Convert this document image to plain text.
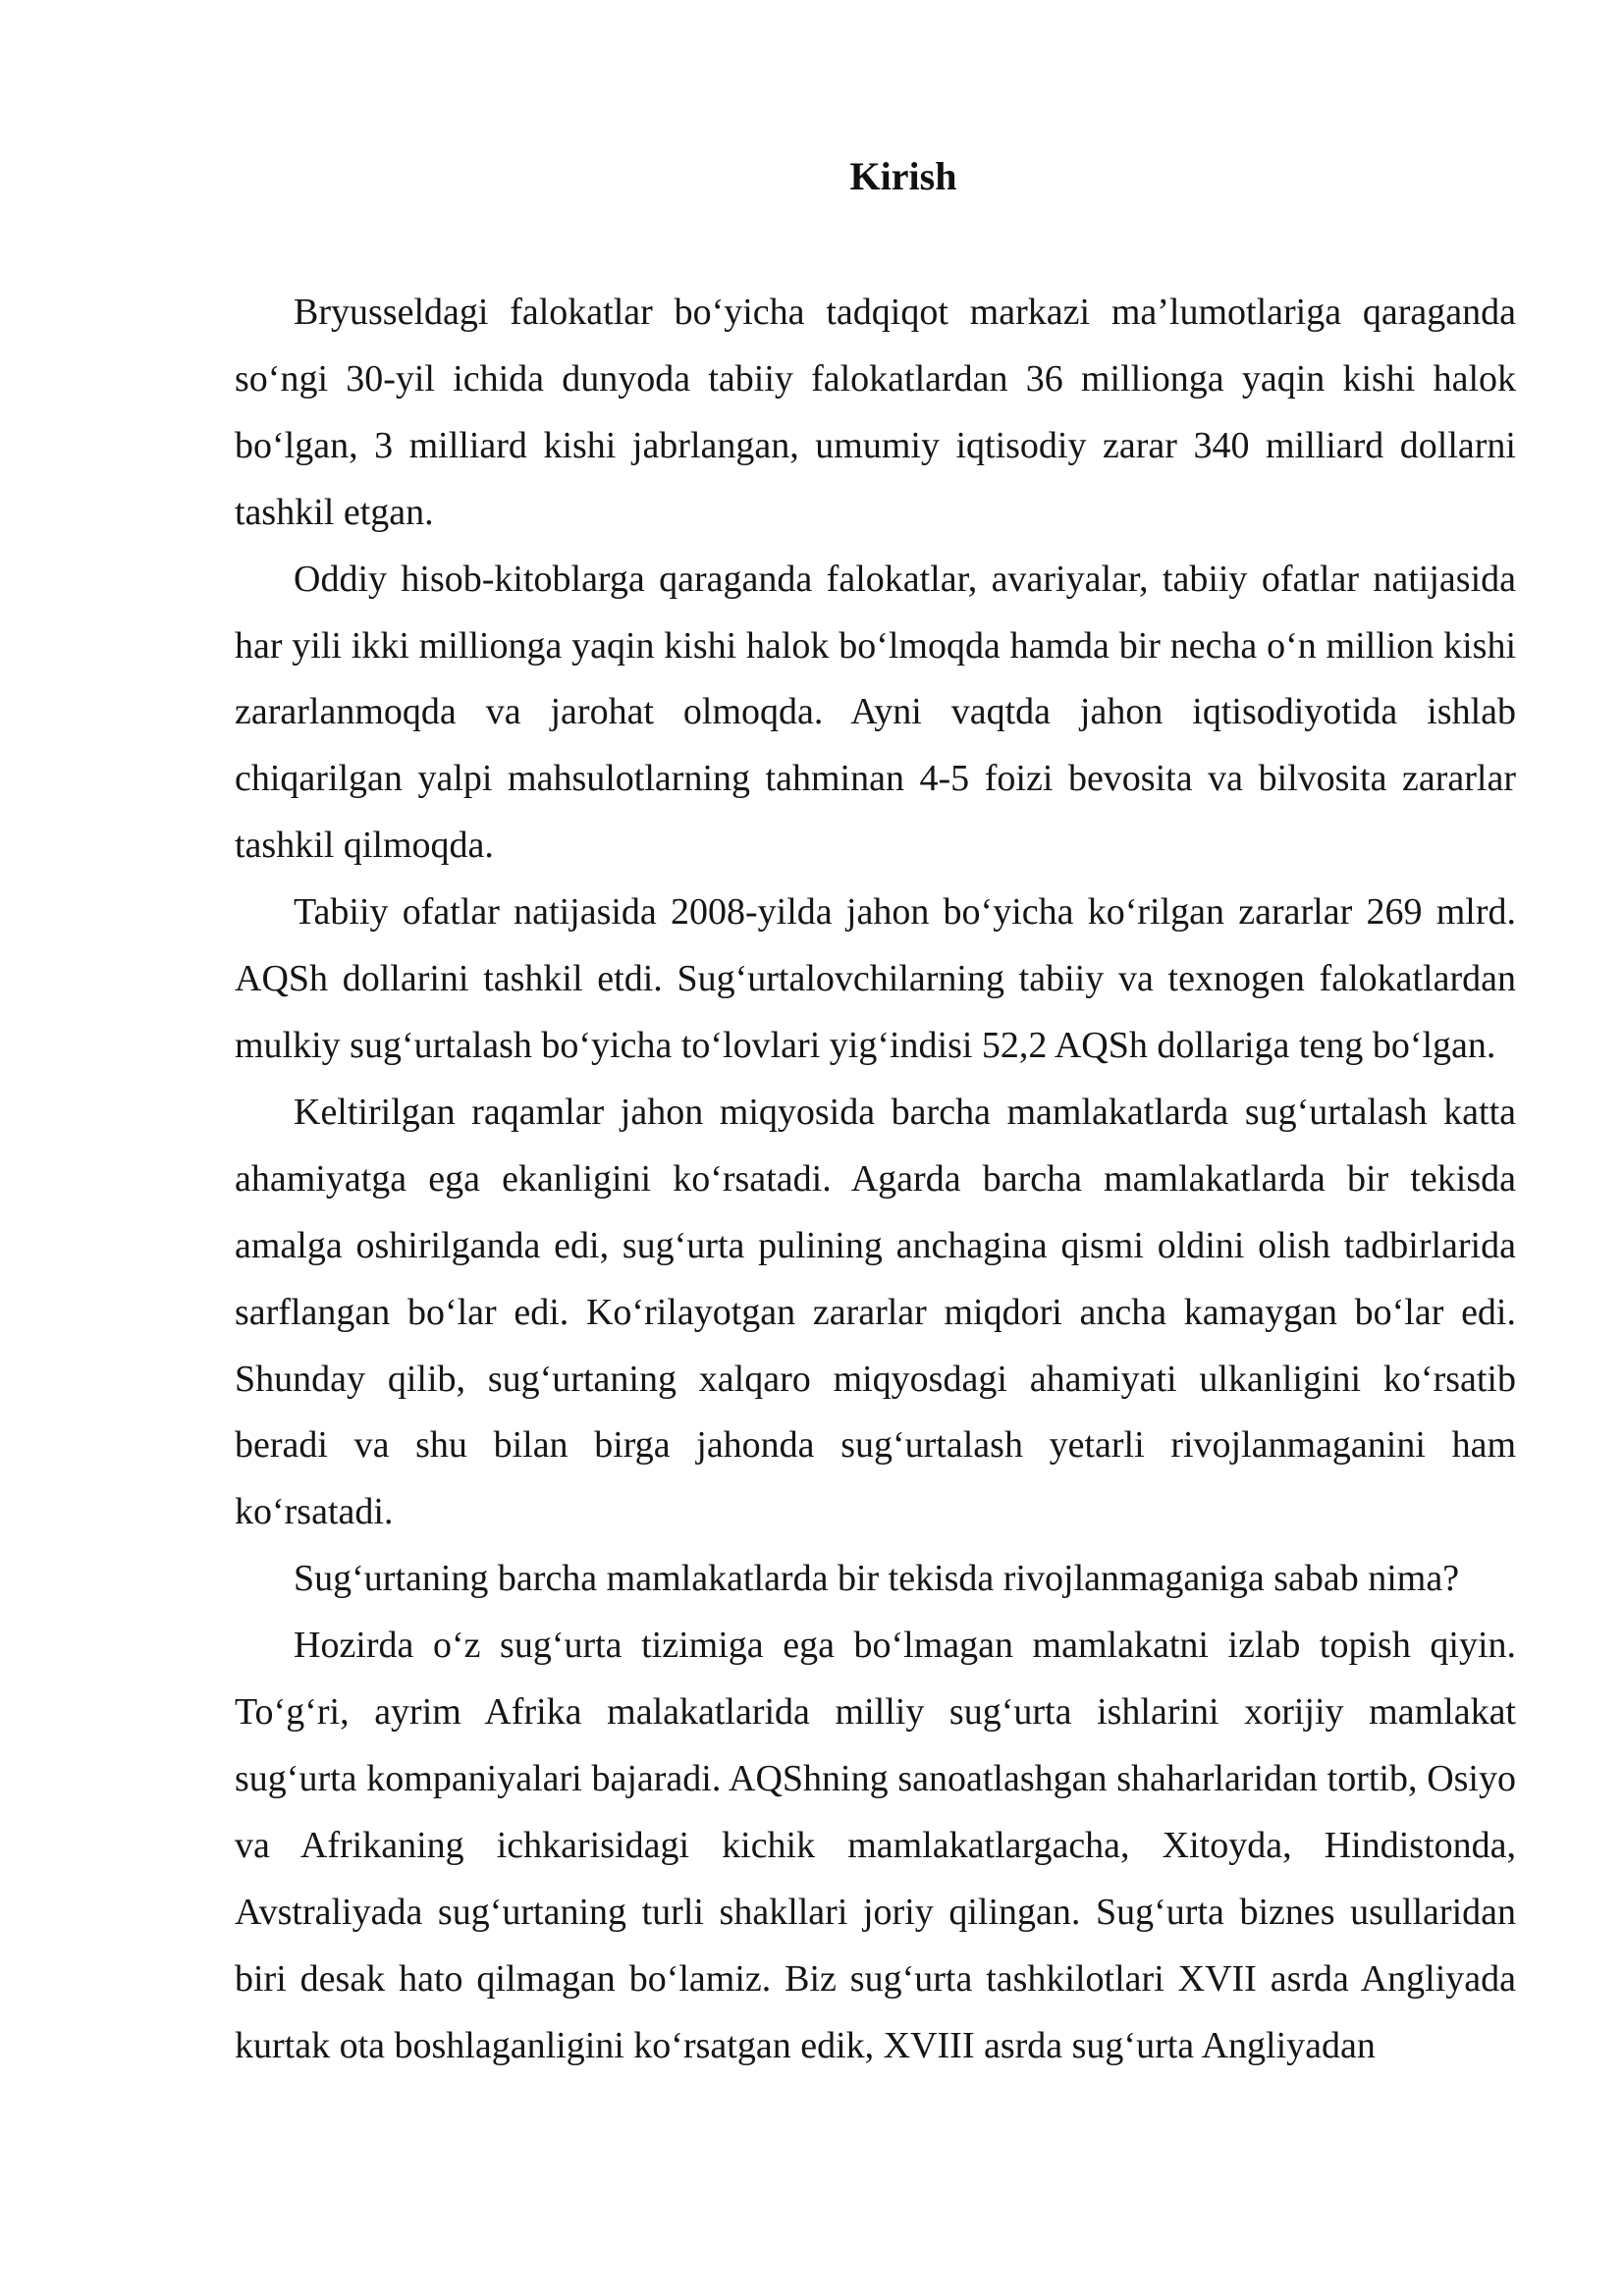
Kirish

Bryusseldagi falokatlar bo‘yicha tadqiqot markazi ma’lumotlariga qaraganda so‘ngi 30-yil ichida dunyoda tabiiy falokatlardan 36 millionga yaqin kishi halok bo‘lgan, 3 milliard kishi jabrlangan, umumiy iqtisodiy zarar 340 milliard dollarni tashkil etgan.

Oddiy hisob-kitoblarga qaraganda falokatlar, avariyalar, tabiiy ofatlar natijasida har yili ikki millionga yaqin kishi halok bo‘lmoqda hamda bir necha o‘n million kishi zararlanmoqda va jarohat olmoqda. Ayni vaqtda jahon iqtisodiyotida ishlab chiqarilgan yalpi mahsulotlarning tahminan 4-5 foizi bevosita va bilvosita zararlar tashkil qilmoqda.

Tabiiy ofatlar natijasida 2008-yilda jahon bo‘yicha ko‘rilgan zararlar 269 mlrd. AQSh dollarini tashkil etdi. Sug‘urtalovchilarning tabiiy va texnogen falokatlardan mulkiy sug‘urtalash bo‘yicha to‘lovlari yig‘indisi 52,2 AQSh dollariga teng bo‘lgan.

Keltirilgan raqamlar jahon miqyosida barcha mamlakatlarda sug‘urtalash katta ahamiyatga ega ekanligini ko‘rsatadi. Agarda barcha mamlakatlarda bir tekisda amalga oshirilganda edi, sug‘urta pulining anchagina qismi oldini olish tadbirlarida sarflangan bo‘lar edi. Ko‘rilayotgan zararlar miqdori ancha kamaygan bo‘lar edi. Shunday qilib, sug‘urtaning xalqaro miqyosdagi ahamiyati ulkanligini ko‘rsatib beradi va shu bilan birga jahonda sug‘urtalash yetarli rivojlanmaganini ham ko‘rsatadi.

Sug‘urtaning barcha mamlakatlarda bir tekisda rivojlanmaganiga sabab nima?

Hozirda o‘z sug‘urta tizimiga ega bo‘lmagan mamlakatni izlab topish qiyin. To‘g‘ri, ayrim Afrika malakatlarida milliy sug‘urta ishlarini xorijiy mamlakat sug‘urta kompaniyalari bajaradi. AQShning sanoatlashgan shaharlaridan tortib, Osiyo va Afrikaning ichkarisidagi kichik mamlakatlargacha, Xitoyda, Hindistonda, Avstraliyada sug‘urtaning turli shakllari joriy qilingan. Sug‘urta biznes usullaridan biri desak hato qilmagan bo‘lamiz. Biz sug‘urta tashkilotlari XVII asrda Angliyada kurtak ota boshlaganligini ko‘rsatgan edik, XVIII asrda sug‘urta Angliyadan
